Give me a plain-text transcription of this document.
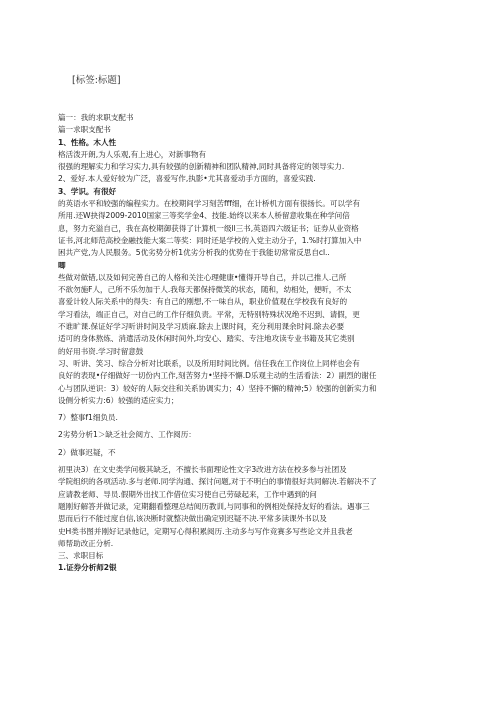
[标签:标题]
篇一：我的求职支配书
篇一求职支配书
1、性格。木人性
格活泼开朗,为人乐观,有上进心，对新事物有
很强的理解实力和学习实力,具有较强的创新精神和团队精神,同时具备将定的领导实力.
2、爱好.本人爱好较为广泛，喜爱写作,执影•尤其喜爱动手方面的，喜爱实践.
3、学识。有很好
的英语水平和较强的编程实力。在校期间学习刻苦fff细，在计桥机方面有很扬长。可以学有
所用.还W抉得2009-2010国家三等奖学金4、技能.始终以来本人桥留意收集在种学问倍
息，努力充溢自己，我在高校期御获得了计算机一级ll三书,英语四六级证书；证券从业资格
证书,河北师范高校金融技能大案二等奖：同时还是学校的入党主动分子，1.%时打算加入中
困共产党,为人民服务。5优劣势分析1优劣分析我的优势在于我能切常常反思自cl..
唧
些做对做错,以及如何完善自己的人格和关注心理健康•懂得开导自己，并以己推人.己所
不欲勿施F人，己所不乐勿加于人.我每天都保持微笑的状态，随和，幼相处，便听，不太
喜爱计较人际关系中的得失：有自己的刚想,不一味自从，职业价值观在学校我有良好的
学习看法，端正自己，对自己的工作仔细负责。平常，无特别特殊状况绝不迟到、请假，更
不谁旷课.保证好学习听讲时间及学习质麻.除去上课时间，充分利用课余时间.除去必要
适可的身体熬炼、消遣活动及休闲时间外,均安心、踏实、专注地攻读专业书籍及其它类别
的好用书资.学习时留意鼓
习、听讲、笑习、综合分析对比联系，以及所用时间比例。信任我在工作岗位上同样也会有
良好的表现•仔细做好一切份内工作,刻苦努力•坚持不懈.D乐观主动的生活看法：2）副烈的谢任
心与团队逆识：3）较好的人际交往和关系协调实力；4）坚持不懈的精神;5）较强的创新实力和
设侧分析实力:6）较强的适应实力；
7）整事f1细负员.
2劣势分析1＞缺乏社会阅方、工作阅历：
2）做事迟疑，不
初里决3）在文史类学问极其缺乏，不擅长书面理论性文字3改进方法在校多参与社团及
学院组织的各项活动.多与老师.同学沟通、探讨问题,对于不明白的事情很好共同解决.若解决不了
应请教老师、导员.假期外出找工作借位实习使自己劳碌起来，工作中遇到的问
题刚好解答并做记录，定期翻看整理总结阅历教训,与同事和的例相处保持友好的看法。遇事三
思而后行不能过度自信,该决断时就整决做出确定别迟疑不决.平常多读课外书以及
史H类书图并刚好记录他记，定期写心得积累阅历.主动多与写作竞赛多写些论文并且我老
师帮助改正分析.
三、求职目标
1.证券分析师2银
